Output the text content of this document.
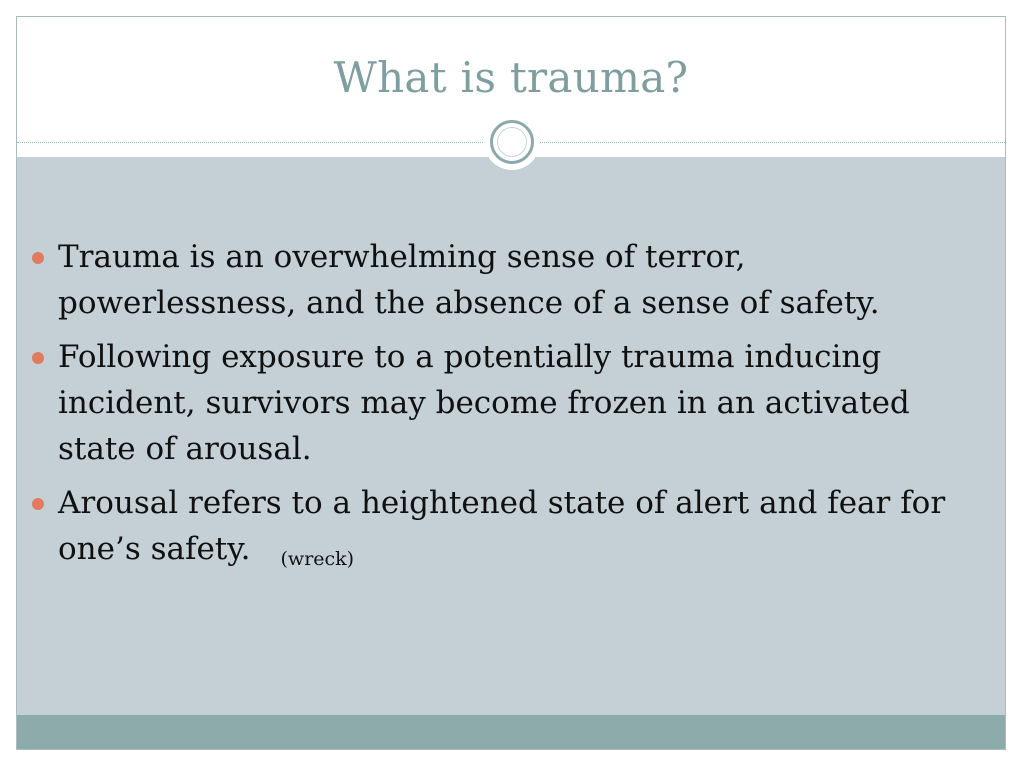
What is trauma?
Trauma is an overwhelming sense of terror, powerlessness, and the absence of a sense of safety.
Following exposure to a potentially trauma inducing incident, survivors may become frozen in an activated state of arousal.
Arousal refers to a heightened state of alert and fear for one’s safety. (wreck)
